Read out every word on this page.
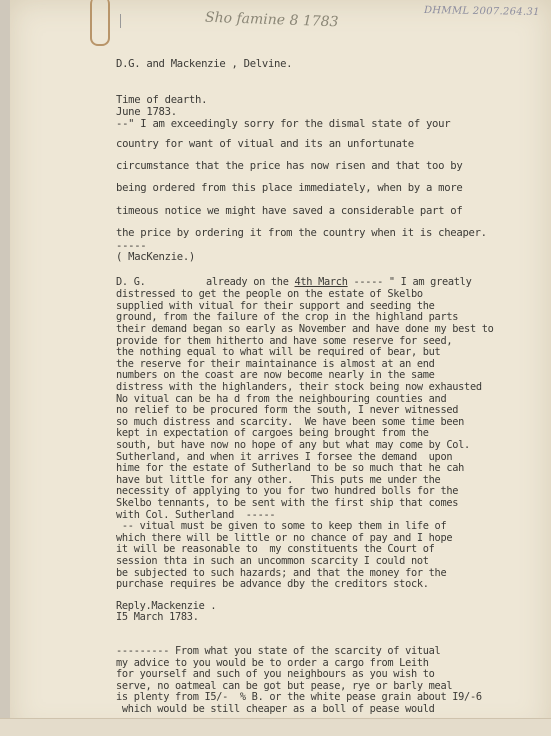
Sho famine 8 1783	DHMML 2007.264.31
D.G. and Mackenzie , Delvine.
Time of dearth.
June 1783.
--" I am exceedingly sorry for the dismal state of your
country for want of vitual and its an unfortunate
circumstance that the price has now risen and that too by
being ordered from this place immediately, when by a more
timeous notice we might have saved a considerable part of
the price by ordering it from the country when it is cheaper.
-----
( MacKenzie.)
D. G.	already on the 4th March ----- " I am greatly
distressed to get the people on the estate of Skelbo
supplied with vitual for their support and seeding the
ground, from the failure of the crop in the highland parts
their demand began so early as November and have done my best to
provide for them hitherto and have some reserve for seed,
the nothing equal to what will be required of bear, but
the reserve for their maintainance is almost at an end
numbers on the coast are now become nearly in the same
distress with the highlanders, their stock being now exhausted
No vitual can be ha d from the neighbouring counties and
no relief to be procured form the south, I never witnessed
so much distress and scarcity.  We have been some time been
kept in expectation of cargoes being brought from the
south, but have now no hope of any but what may come by Col.
Sutherland, and when it arrives I forsee the demand  upon
hime for the estate of Sutherland to be so much that he cah
have but little for any other.   This puts me under the
necessity of applying to you for two hundred bolls for the
Skelbo tennants, to be sent with the first ship that comes
with Col. Sutherland  -----
-- vitual must be given to some to keep them in life of
which there will be little or no chance of pay and I hope
it will be reasonable to  my constituents the Court of
session thta in such an uncommon scarcity I could not
be subjected to such hazards; and that the money for the
purchase requires be advance dby the creditors stock.
Reply.Mackenzie .
I5 March 1783.
--------- From what you state of the scarcity of vitual
my advice to you would be to order a cargo from Leith
for yourself and such of you neighbours as you wish to
serve, no oatmeal can be got but pease, rye or barly meal
is plenty from I5/-  % B. or the white pease grain about I9/-6
which would be still cheaper as a boll of pease would
